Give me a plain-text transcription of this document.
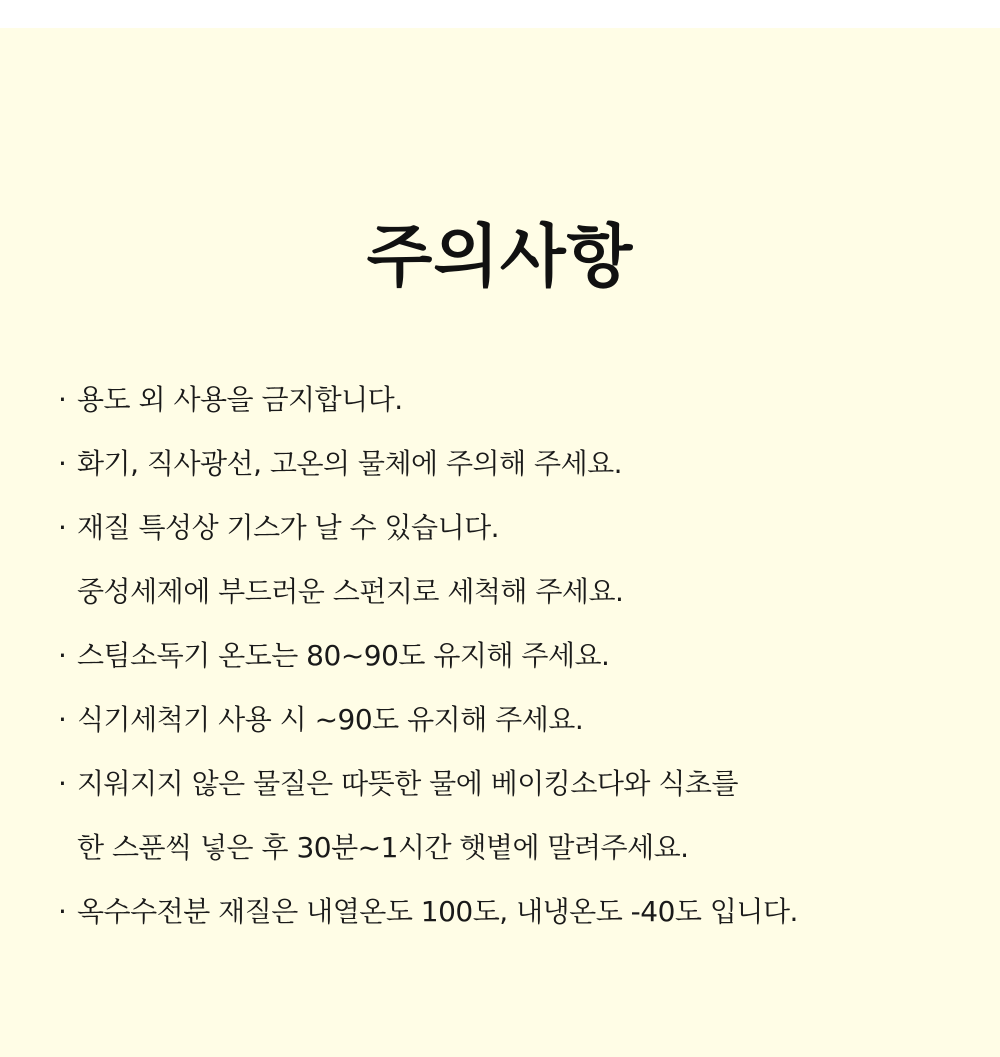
주의사항
· 용도 외 사용을 금지합니다.
· 화기, 직사광선, 고온의 물체에 주의해 주세요.
· 재질 특성상 기스가 날 수 있습니다.
중성세제에 부드러운 스펀지로 세척해 주세요.
· 스팀소독기 온도는 80~90도 유지해 주세요.
· 식기세척기 사용 시 ~90도 유지해 주세요.
· 지워지지 않은 물질은 따뜻한 물에 베이킹소다와 식초를
한 스푼씩 넣은 후 30분~1시간 햇볕에 말려주세요.
· 옥수수전분 재질은 내열온도 100도, 내냉온도 -40도 입니다.
